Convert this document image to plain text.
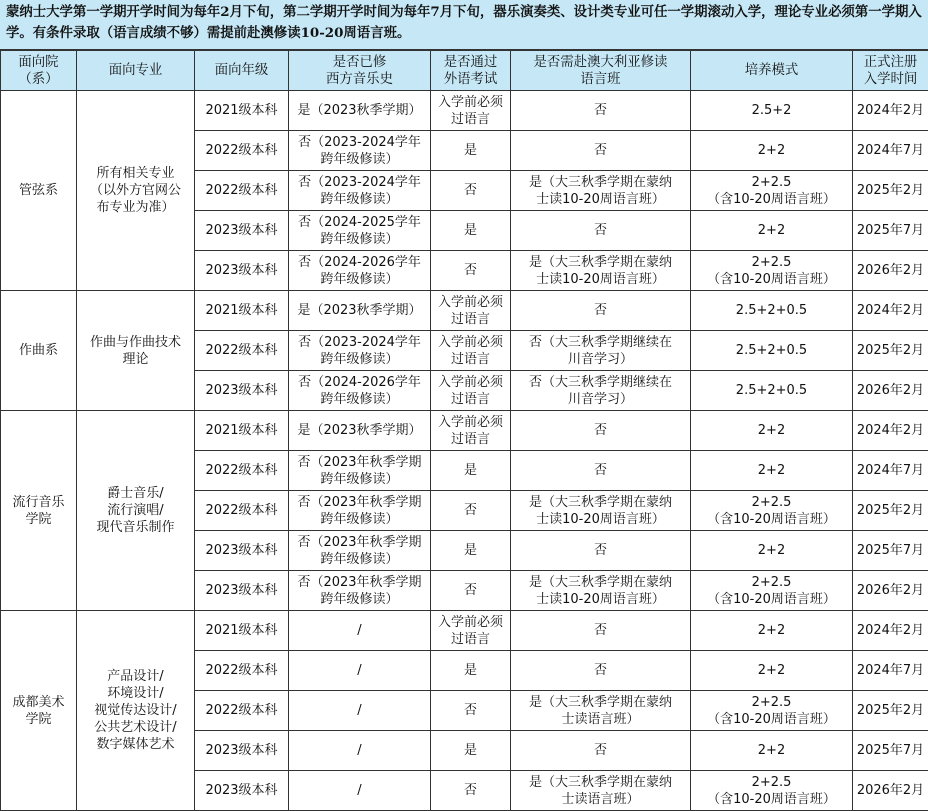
蒙纳士大学第一学期开学时间为每年2月下旬，第二学期开学时间为每年7月下旬，器乐演奏类、设计类专业可任一学期滚动入学，理论专业必须第一学期入学。有条件录取（语言成绩不够）需提前赴澳修读10-20周语言班。
面向院
（系）	面向专业	面向年级	是否已修
西方音乐史	是否通过
外语考试	是否需赴澳大利亚修读
语言班	培养模式	正式注册
入学时间
管弦系	所有相关专业
（以外方官网公
布专业为准）	2021级本科	是（2023秋季学期）	入学前必须
过语言	否	2.5+2	2024年2月
		2022级本科	否（2023-2024学年
跨年级修读）	是	否	2+2	2024年7月
		2022级本科	否（2023-2024学年
跨年级修读）	否	是（大三秋季学期在蒙纳
士读10-20周语言班）	2+2.5
（含10-20周语言班）	2025年2月
		2023级本科	否（2024-2025学年
跨年级修读）	是	否	2+2	2025年7月
		2023级本科	否（2024-2026学年
跨年级修读）	否	是（大三秋季学期在蒙纳
士读10-20周语言班）	2+2.5
（含10-20周语言班）	2026年2月
作曲系	作曲与作曲技术
理论	2021级本科	是（2023秋季学期）	入学前必须
过语言	否	2.5+2+0.5	2024年2月
		2022级本科	否（2023-2024学年
跨年级修读）	入学前必须
过语言	否（大三秋季学期继续在
川音学习）	2.5+2+0.5	2025年2月
		2023级本科	否（2024-2026学年
跨年级修读）	入学前必须
过语言	否（大三秋季学期继续在
川音学习）	2.5+2+0.5	2026年2月
流行音乐
学院	爵士音乐/
流行演唱/
现代音乐制作	2021级本科	是（2023秋季学期）	入学前必须
过语言	否	2+2	2024年2月
		2022级本科	否（2023年秋季学期
跨年级修读）	是	否	2+2	2024年7月
		2022级本科	否（2023年秋季学期
跨年级修读）	否	是（大三秋季学期在蒙纳
士读10-20周语言班）	2+2.5
（含10-20周语言班）	2025年2月
		2023级本科	否（2023年秋季学期
跨年级修读）	是	否	2+2	2025年7月
		2023级本科	否（2023年秋季学期
跨年级修读）	否	是（大三秋季学期在蒙纳
士读10-20周语言班）	2+2.5
（含10-20周语言班）	2026年2月
成都美术
学院	产品设计/
环境设计/
视觉传达设计/
公共艺术设计/
数字媒体艺术	2021级本科	/	入学前必须
过语言	否	2+2	2024年2月
		2022级本科	/	是	否	2+2	2024年7月
		2022级本科	/	否	是（大三秋季学期在蒙纳
士读语言班）	2+2.5
（含10-20周语言班）	2025年2月
		2023级本科	/	是	否	2+2	2025年7月
		2023级本科	/	否	是（大三秋季学期在蒙纳
士读语言班）	2+2.5
（含10-20周语言班）	2026年2月
